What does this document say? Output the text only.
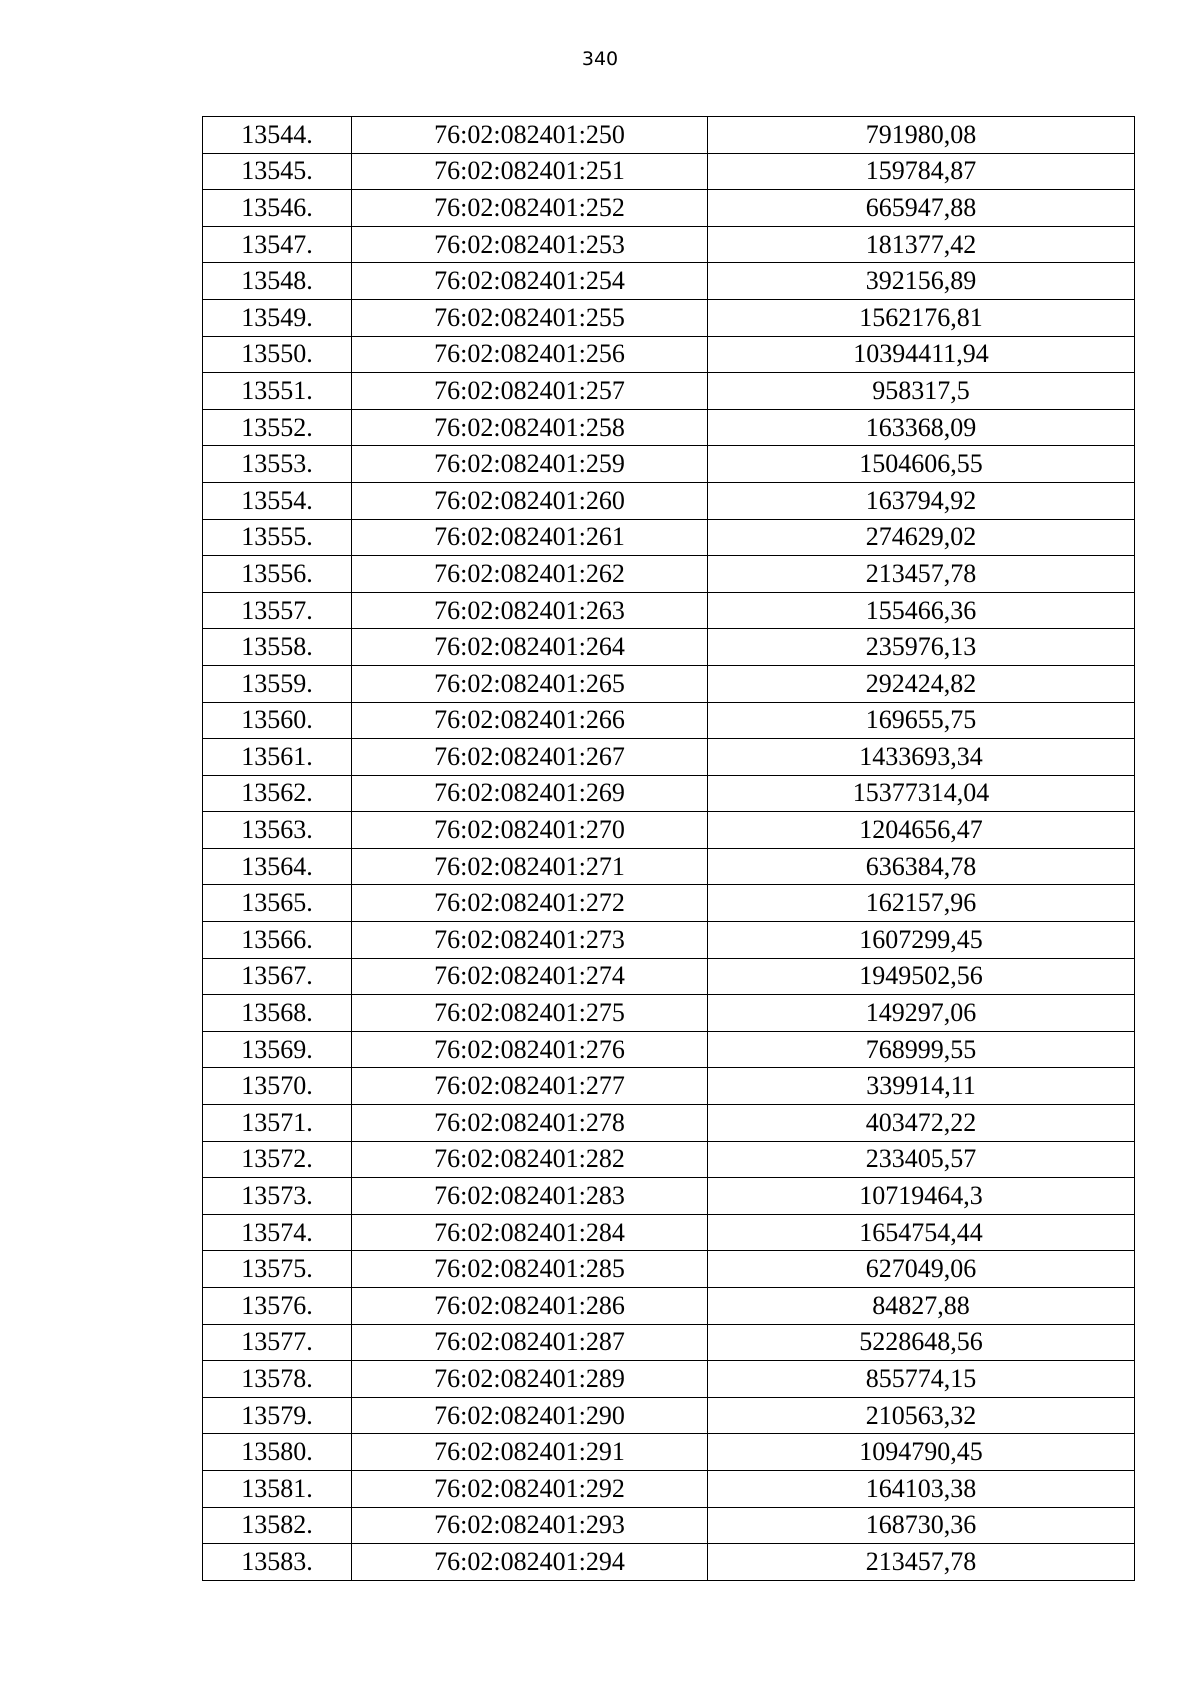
340
13544.	76:02:082401:250	791980,08
13545.	76:02:082401:251	159784,87
13546.	76:02:082401:252	665947,88
13547.	76:02:082401:253	181377,42
13548.	76:02:082401:254	392156,89
13549.	76:02:082401:255	1562176,81
13550.	76:02:082401:256	10394411,94
13551.	76:02:082401:257	958317,5
13552.	76:02:082401:258	163368,09
13553.	76:02:082401:259	1504606,55
13554.	76:02:082401:260	163794,92
13555.	76:02:082401:261	274629,02
13556.	76:02:082401:262	213457,78
13557.	76:02:082401:263	155466,36
13558.	76:02:082401:264	235976,13
13559.	76:02:082401:265	292424,82
13560.	76:02:082401:266	169655,75
13561.	76:02:082401:267	1433693,34
13562.	76:02:082401:269	15377314,04
13563.	76:02:082401:270	1204656,47
13564.	76:02:082401:271	636384,78
13565.	76:02:082401:272	162157,96
13566.	76:02:082401:273	1607299,45
13567.	76:02:082401:274	1949502,56
13568.	76:02:082401:275	149297,06
13569.	76:02:082401:276	768999,55
13570.	76:02:082401:277	339914,11
13571.	76:02:082401:278	403472,22
13572.	76:02:082401:282	233405,57
13573.	76:02:082401:283	10719464,3
13574.	76:02:082401:284	1654754,44
13575.	76:02:082401:285	627049,06
13576.	76:02:082401:286	84827,88
13577.	76:02:082401:287	5228648,56
13578.	76:02:082401:289	855774,15
13579.	76:02:082401:290	210563,32
13580.	76:02:082401:291	1094790,45
13581.	76:02:082401:292	164103,38
13582.	76:02:082401:293	168730,36
13583.	76:02:082401:294	213457,78
